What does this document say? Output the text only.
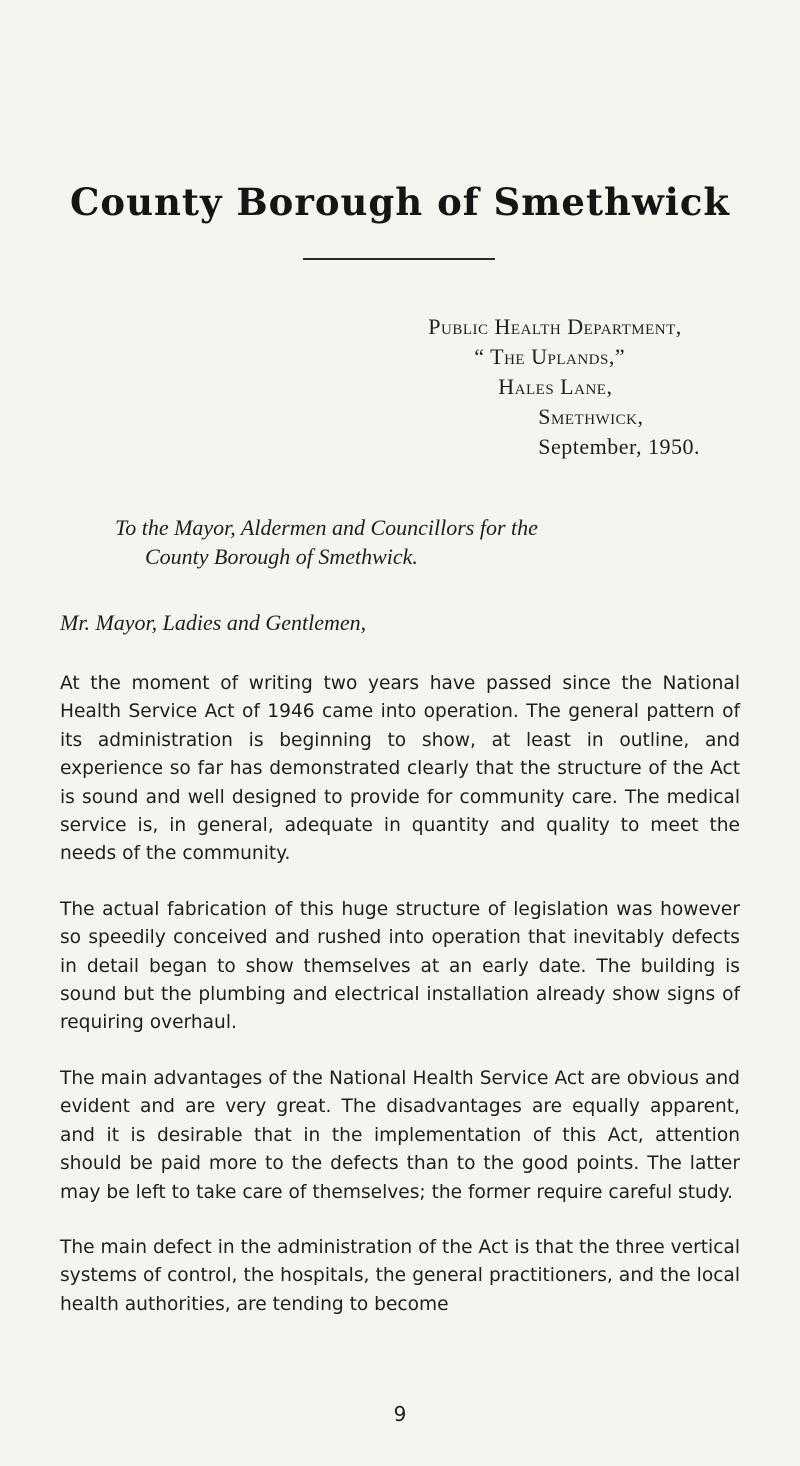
County Borough of Smethwick
Public Health Department,
“ The Uplands,”
Hales Lane,
Smethwick,
September, 1950.
To the Mayor, Aldermen and Councillors for the
County Borough of Smethwick.
Mr. Mayor, Ladies and Gentlemen,

At the moment of writing two years have passed since the National Health Service Act of 1946 came into operation. The general pattern of its administration is beginning to show, at least in outline, and experience so far has demonstrated clearly that the structure of the Act is sound and well designed to provide for community care. The medical service is, in general, adequate in quantity and quality to meet the needs of the community.

The actual fabrication of this huge structure of legislation was however so speedily conceived and rushed into operation that inevitably defects in detail began to show themselves at an early date. The building is sound but the plumbing and electrical installation already show signs of requiring overhaul.

The main advantages of the National Health Service Act are obvious and evident and are very great. The disadvantages are equally apparent, and it is desirable that in the implementation of this Act, attention should be paid more to the defects than to the good points. The latter may be left to take care of themselves; the former require careful study.

The main defect in the administration of the Act is that the three vertical systems of control, the hospitals, the general practitioners, and the local health authorities, are tending to become

9
